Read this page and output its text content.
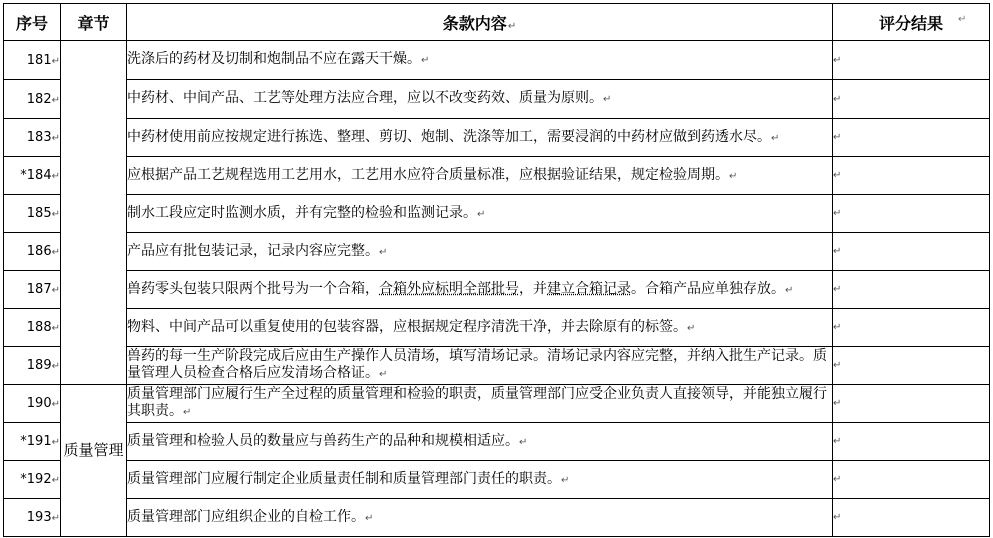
序号	章节	条款内容↵	评分结果
181↵		洗涤后的药材及切制和炮制品不应在露天干燥。↵	↵
182↵		中药材、中间产品、工艺等处理方法应合理，应以不改变药效、质量为原则。↵	↵
183↵		中药材使用前应按规定进行拣选、整理、剪切、炮制、洗涤等加工，需要浸润的中药材应做到药透水尽。↵	↵
*184↵		应根据产品工艺规程选用工艺用水，工艺用水应符合质量标准，应根据验证结果，规定检验周期。↵	↵
185↵		制水工段应定时监测水质，并有完整的检验和监测记录。↵	↵
186↵		产品应有批包装记录，记录内容应完整。↵	↵
187↵		兽药零头包装只限两个批号为一个合箱，合箱外应标明全部批号，并建立合箱记录。合箱产品应单独存放。↵	↵
188↵		物料、中间产品可以重复使用的包装容器，应根据规定程序清洗干净，并去除原有的标签。↵	↵
189↵		兽药的每一生产阶段完成后应由生产操作人员清场，填写清场记录。清场记录内容应完整，并纳入批生产记录。质量管理人员检查合格后应发清场合格证。↵	↵
190↵	质量管理	质量管理部门应履行生产全过程的质量管理和检验的职责，质量管理部门应受企业负责人直接领导，并能独立履行其职责。↵	↵
*191↵		质量管理和检验人员的数量应与兽药生产的品种和规模相适应。↵	↵
*192↵		质量管理部门应履行制定企业质量责任制和质量管理部门责任的职责。↵	↵
193↵		质量管理部门应组织企业的自检工作。↵	↵
↵
